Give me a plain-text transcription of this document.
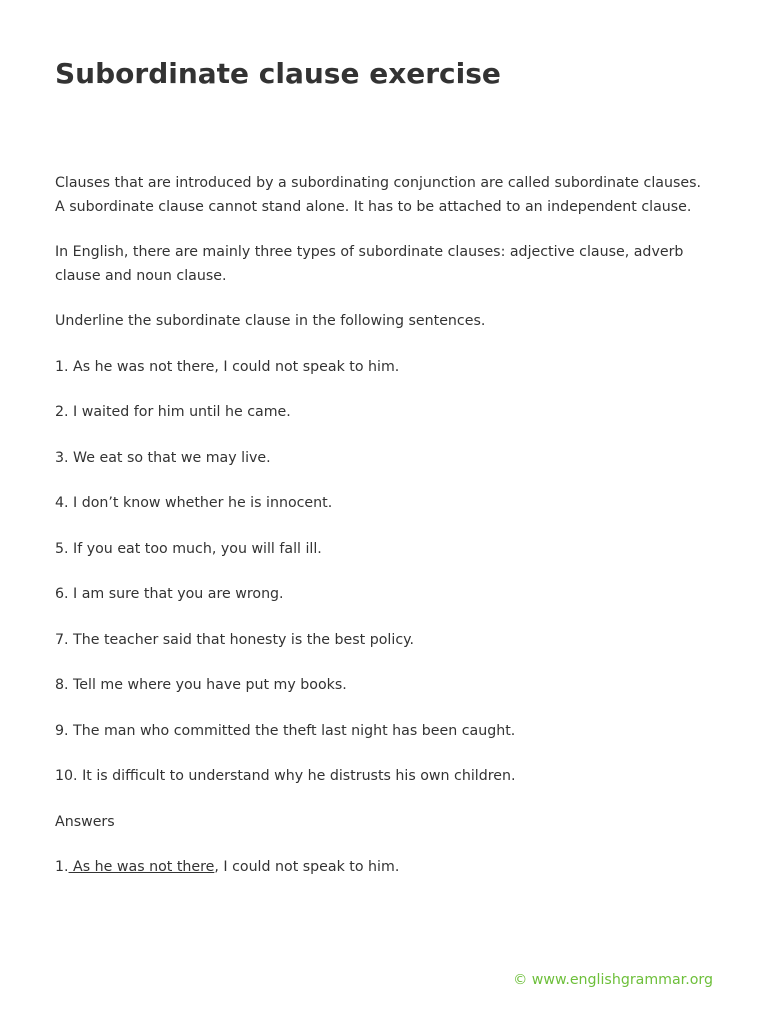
Subordinate clause exercise

Clauses that are introduced by a subordinating conjunction are called subordinate clauses. A subordinate clause cannot stand alone. It has to be attached to an independent clause.

In English, there are mainly three types of subordinate clauses: adjective clause, adverb clause and noun clause.

Underline the subordinate clause in the following sentences.

1. As he was not there, I could not speak to him.

2. I waited for him until he came.

3. We eat so that we may live.

4. I don’t know whether he is innocent.

5. If you eat too much, you will fall ill.

6. I am sure that you are wrong.

7. The teacher said that honesty is the best policy.

8. Tell me where you have put my books.

9. The man who committed the theft last night has been caught.

10. It is difficult to understand why he distrusts his own children.

Answers

1. As he was not there, I could not speak to him.

© www.englishgrammar.org
